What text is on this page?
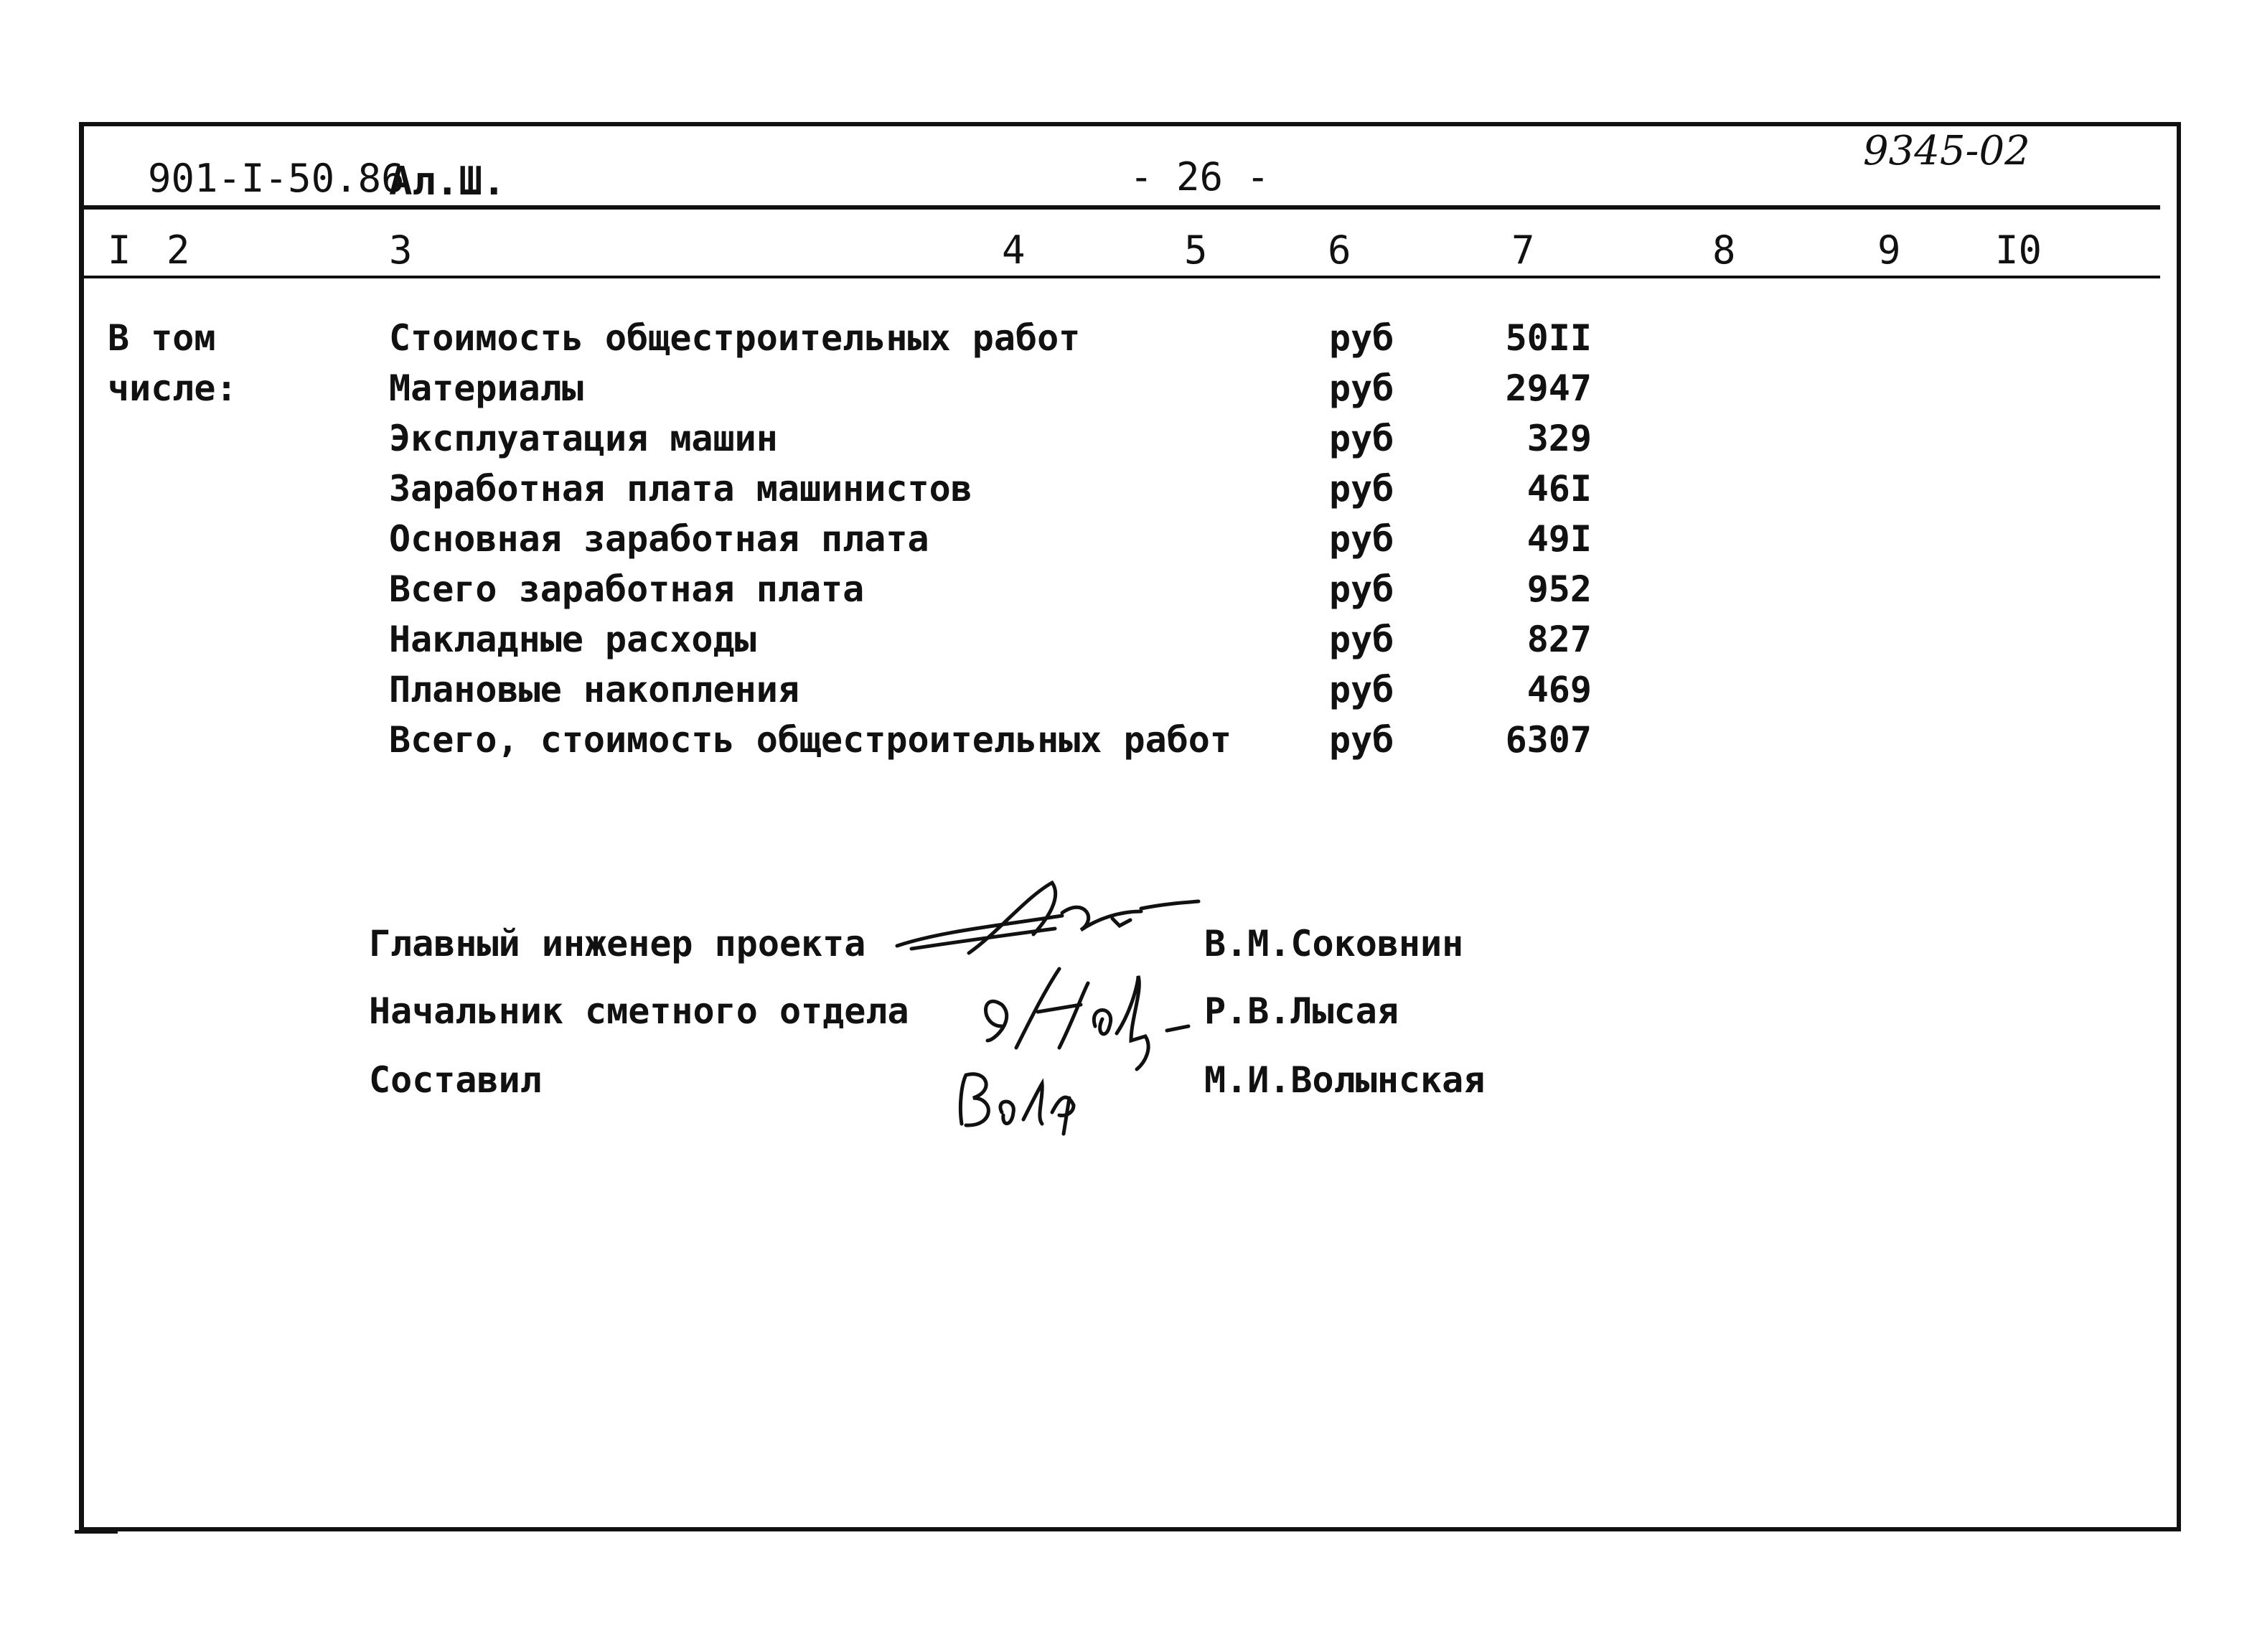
901-I-50.86
Ал.Ш.	- 26 -
9345-02
I 2	3	4	5	6	7	8	9 I0
В том
числе:
Стоимость общестроительных работ	руб	50II
Материалы	руб	2947
Эксплуатация машин	руб	329
Заработная плата машинистов	руб	46I
Основная заработная плата	руб	49I
Всего заработная плата	руб	952
Накладные расходы	руб	827
Плановые накопления	руб	469
Всего, стоимость общестроительных работ	руб	6307
Главный инженер проекта	В.М.Соковнин
Начальник сметного отдела	Р.В.Лысая
Составил	М.И.Волынская
